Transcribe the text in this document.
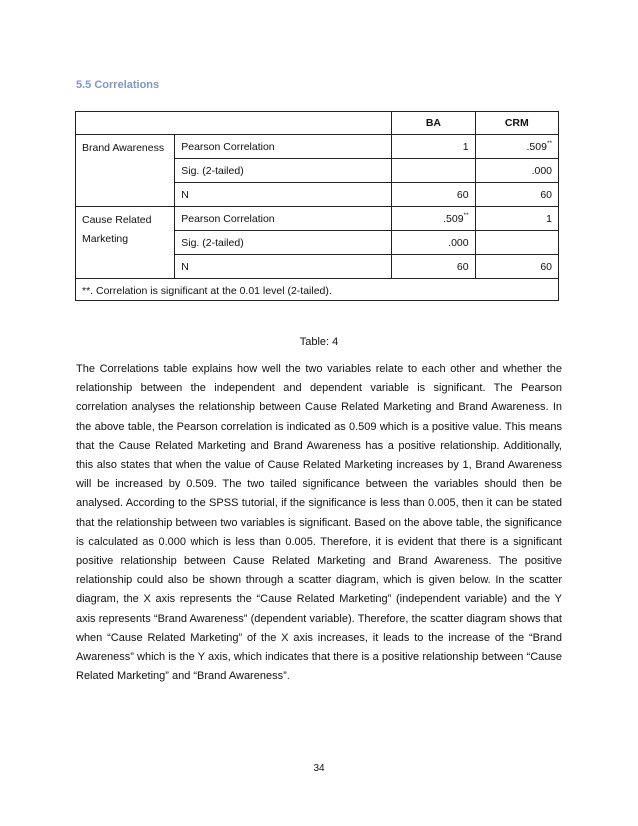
5.5 Correlations
		BA	CRM
Brand Awareness	Pearson Correlation	1	.509**
	Sig. (2-tailed)		.000
	N	60	60
Cause Related
Marketing	Pearson Correlation	.509**	1
	Sig. (2-tailed)	.000	
	N	60	60
**. Correlation is significant at the 0.01 level (2-tailed).			
Table: 4

The Correlations table explains how well the two variables relate to each other and whether the relationship between the independent and dependent variable is significant. The Pearson correlation analyses the relationship between Cause Related Marketing and Brand Awareness. In the above table, the Pearson correlation is indicated as 0.509 which is a positive value. This means that the Cause Related Marketing and Brand Awareness has a positive relationship. Additionally, this also states that when the value of Cause Related Marketing increases by 1, Brand Awareness will be increased by 0.509. The two tailed significance between the variables should then be analysed. According to the SPSS tutorial, if the significance is less than 0.005, then it can be stated that the relationship between two variables is significant. Based on the above table, the significance is calculated as 0.000 which is less than 0.005. Therefore, it is evident that there is a significant positive relationship between Cause Related Marketing and Brand Awareness. The positive relationship could also be shown through a scatter diagram, which is given below. In the scatter diagram, the X axis represents the “Cause Related Marketing” (independent variable) and the Y axis represents “Brand Awareness” (dependent variable). Therefore, the scatter diagram shows that when “Cause Related Marketing” of the X axis increases, it leads to the increase of the “Brand Awareness” which is the Y axis, which indicates that there is a positive relationship between “Cause Related Marketing” and “Brand Awareness”.

34
